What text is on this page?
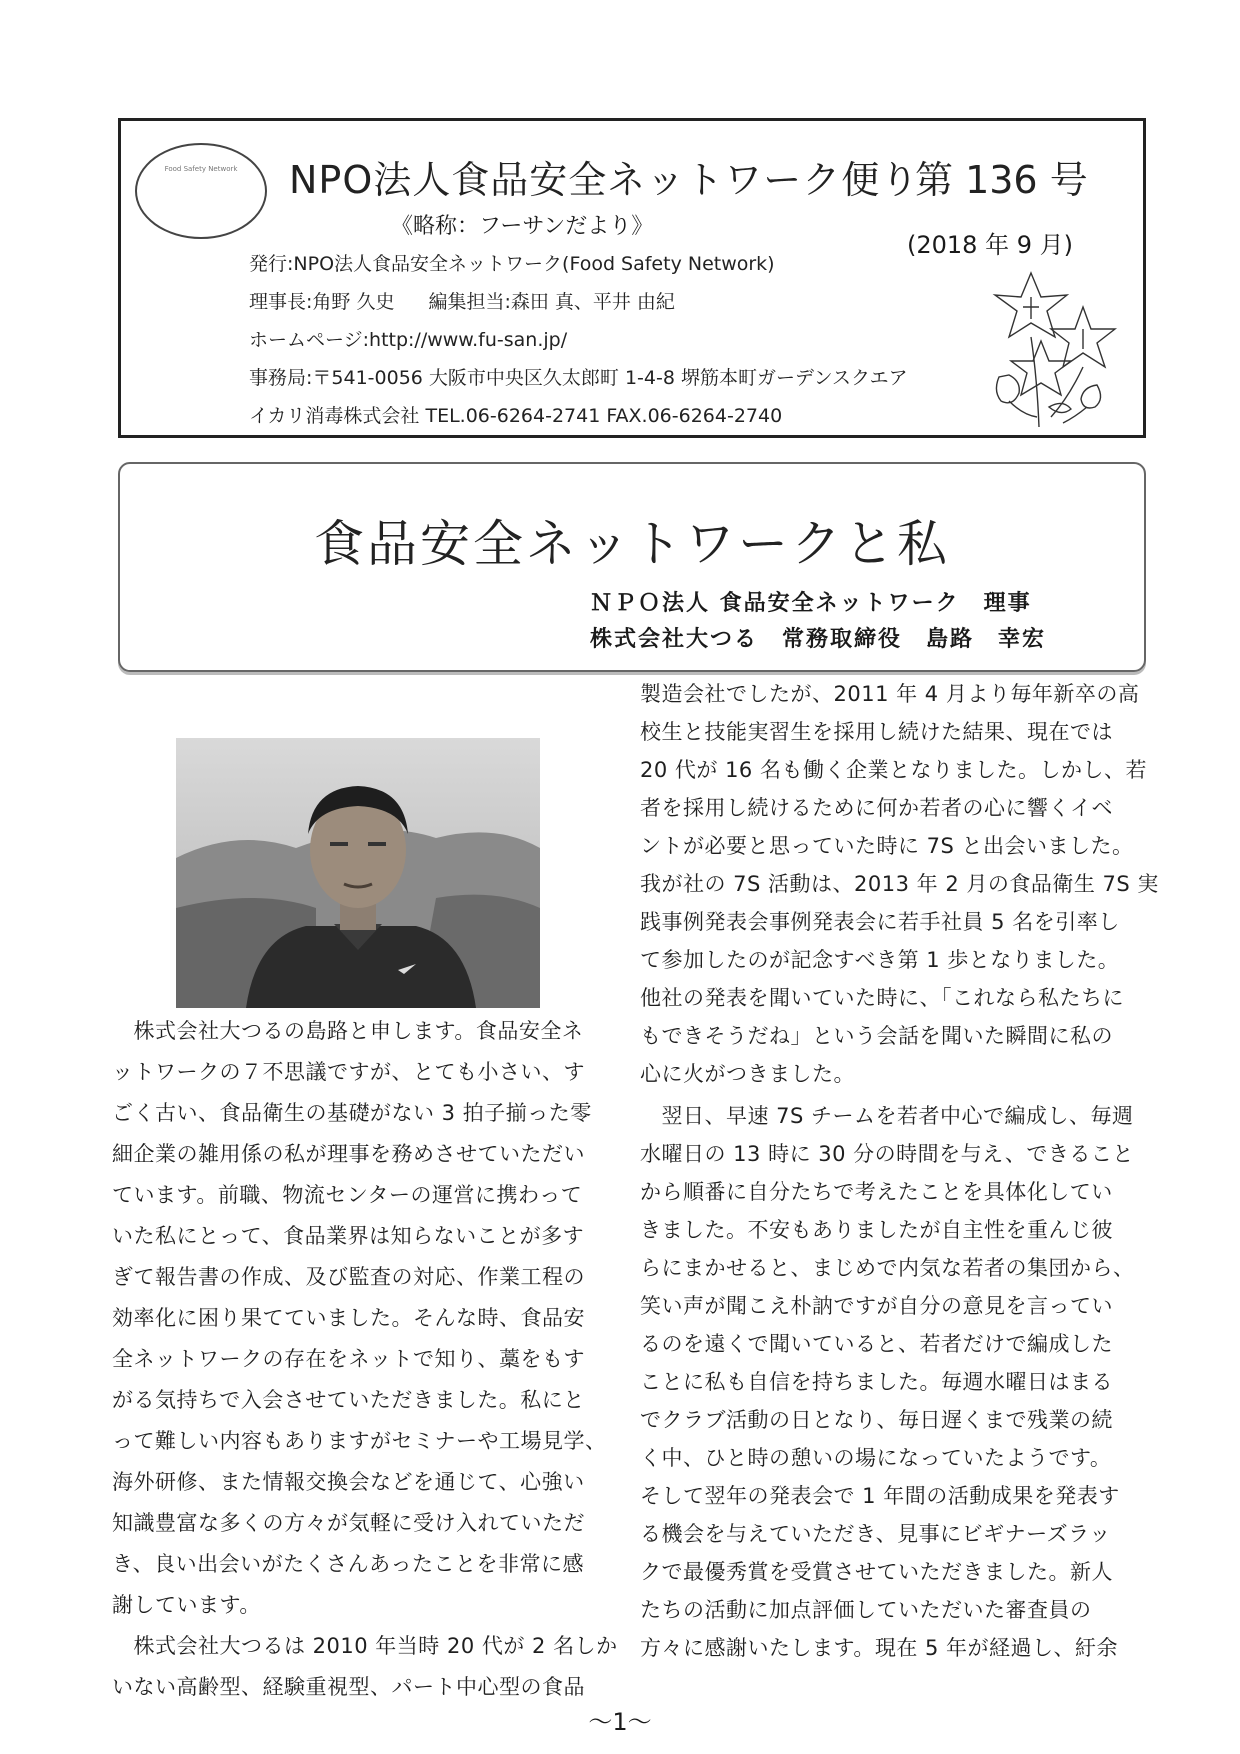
Food Safety Network	NPO法人食品安全ネットワーク便り
第 136 号
《略称：フーサンだより》
(2018 年 9 月)
発行:NPO法人食品安全ネットワーク(Food Safety Network)
理事長:角野 久史 編集担当:森田 真、平井 由紀
ホームページ:http://www.fu-san.jp/
事務局:〒541-0056 大阪市中央区久太郎町 1-4-8 堺筋本町ガーデンスクエア
イカリ消毒株式会社 TEL.06-6264-2741 FAX.06-6264-2740
食品安全ネットワークと私
ＮＰＯ法人 食品安全ネットワーク　理事
株式会社大つる　常務取締役　島路　幸宏
　株式会社大つるの島路と申します。食品安全ネ
ットワークの７不思議ですが、とても小さい、す
ごく古い、食品衛生の基礎がない 3 拍子揃った零
細企業の雑用係の私が理事を務めさせていただい
ています。前職、物流センターの運営に携わって
いた私にとって、食品業界は知らないことが多す
ぎて報告書の作成、及び監査の対応、作業工程の
効率化に困り果てていました。そんな時、食品安
全ネットワークの存在をネットで知り、藁をもす
がる気持ちで入会させていただきました。私にと
って難しい内容もありますがセミナーや工場見学、
海外研修、また情報交換会などを通じて、心強い
知識豊富な多くの方々が気軽に受け入れていただ
き、良い出会いがたくさんあったことを非常に感
謝しています。
　株式会社大つるは 2010 年当時 20 代が 2 名しか
いない高齢型、経験重視型、パート中心型の食品
製造会社でしたが、2011 年 4 月より毎年新卒の高
校生と技能実習生を採用し続けた結果、現在では
20 代が 16 名も働く企業となりました。しかし、若
者を採用し続けるために何か若者の心に響くイベ
ントが必要と思っていた時に 7S と出会いました。
我が社の 7S 活動は、2013 年 2 月の食品衛生 7S 実
践事例発表会事例発表会に若手社員 5 名を引率し
て参加したのが記念すべき第 1 歩となりました。
他社の発表を聞いていた時に、「これなら私たちに
もできそうだね」という会話を聞いた瞬間に私の
心に火がつきました。
　翌日、早速 7S チームを若者中心で編成し、毎週
水曜日の 13 時に 30 分の時間を与え、できること
から順番に自分たちで考えたことを具体化してい
きました。不安もありましたが自主性を重んじ彼
らにまかせると、まじめで内気な若者の集団から、
笑い声が聞こえ朴訥ですが自分の意見を言ってい
るのを遠くで聞いていると、若者だけで編成した
ことに私も自信を持ちました。毎週水曜日はまる
でクラブ活動の日となり、毎日遅くまで残業の続
く中、ひと時の憩いの場になっていたようです。
そして翌年の発表会で 1 年間の活動成果を発表す
る機会を与えていただき、見事にビギナーズラッ
クで最優秀賞を受賞させていただきました。新人
たちの活動に加点評価していただいた審査員の
方々に感謝いたします。現在 5 年が経過し、紆余
～1～
